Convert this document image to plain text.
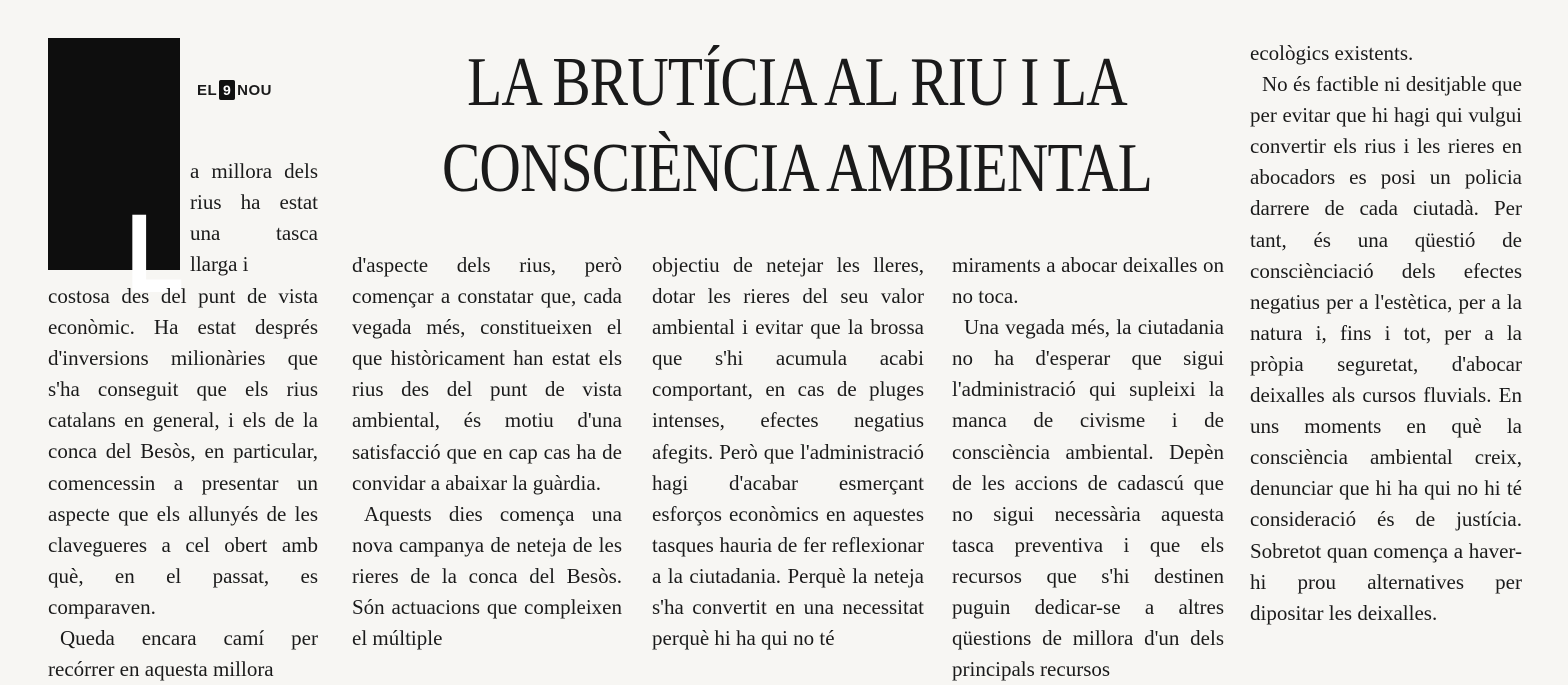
L
EL 9 NOU	LA BRUTÍCIA AL RIU I LA
CONSCIÈNCIA AMBIENTAL

a millora dels rius ha estat una tasca llarga i

costosa des del punt de vista econòmic. Ha estat després d'inversions milionàries que s'ha conseguit que els rius catalans en general, i els de la conca del Besòs, en particular, comencessin a presentar un aspecte que els allunyés de les clavegueres a cel obert amb què, en el passat, es comparaven.

Queda encara camí per recórrer en aquesta millora

d'aspecte dels rius, però començar a constatar que, cada vegada més, constitueixen el que històricament han estat els rius des del punt de vista ambiental, és motiu d'una satisfacció que en cap cas ha de convidar a abaixar la guàrdia.

Aquests dies comença una nova campanya de neteja de les rieres de la conca del Besòs. Són actuacions que compleixen el múltiple

objectiu de netejar les lleres, dotar les rieres del seu valor ambiental i evitar que la brossa que s'hi acumula acabi comportant, en cas de pluges intenses, efectes negatius afegits. Però que l'administració hagi d'acabar esmerçant esforços econòmics en aquestes tasques hauria de fer reflexionar a la ciutadania. Perquè la neteja s'ha convertit en una necessitat perquè hi ha qui no té

miraments a abocar deixalles on no toca.

Una vegada més, la ciutadania no ha d'esperar que sigui l'administració qui supleixi la manca de civisme i de consciència ambiental. Depèn de les accions de cadascú que no sigui necessària aquesta tasca preventiva i que els recursos que s'hi destinen puguin dedicar-se a altres qüestions de millora d'un dels principals recursos

ecològics existents.

No és factible ni desitjable que per evitar que hi hagi qui vulgui convertir els rius i les rieres en abocadors es posi un policia darrere de cada ciutadà. Per tant, és una qüestió de consciènciació dels efectes negatius per a l'estètica, per a la natura i, fins i tot, per a la pròpia seguretat, d'abocar deixalles als cursos fluvials. En uns moments en què la consciència ambiental creix, denunciar que hi ha qui no hi té consideració és de justícia. Sobretot quan comença a haver-hi prou alternatives per dipositar les deixalles.
